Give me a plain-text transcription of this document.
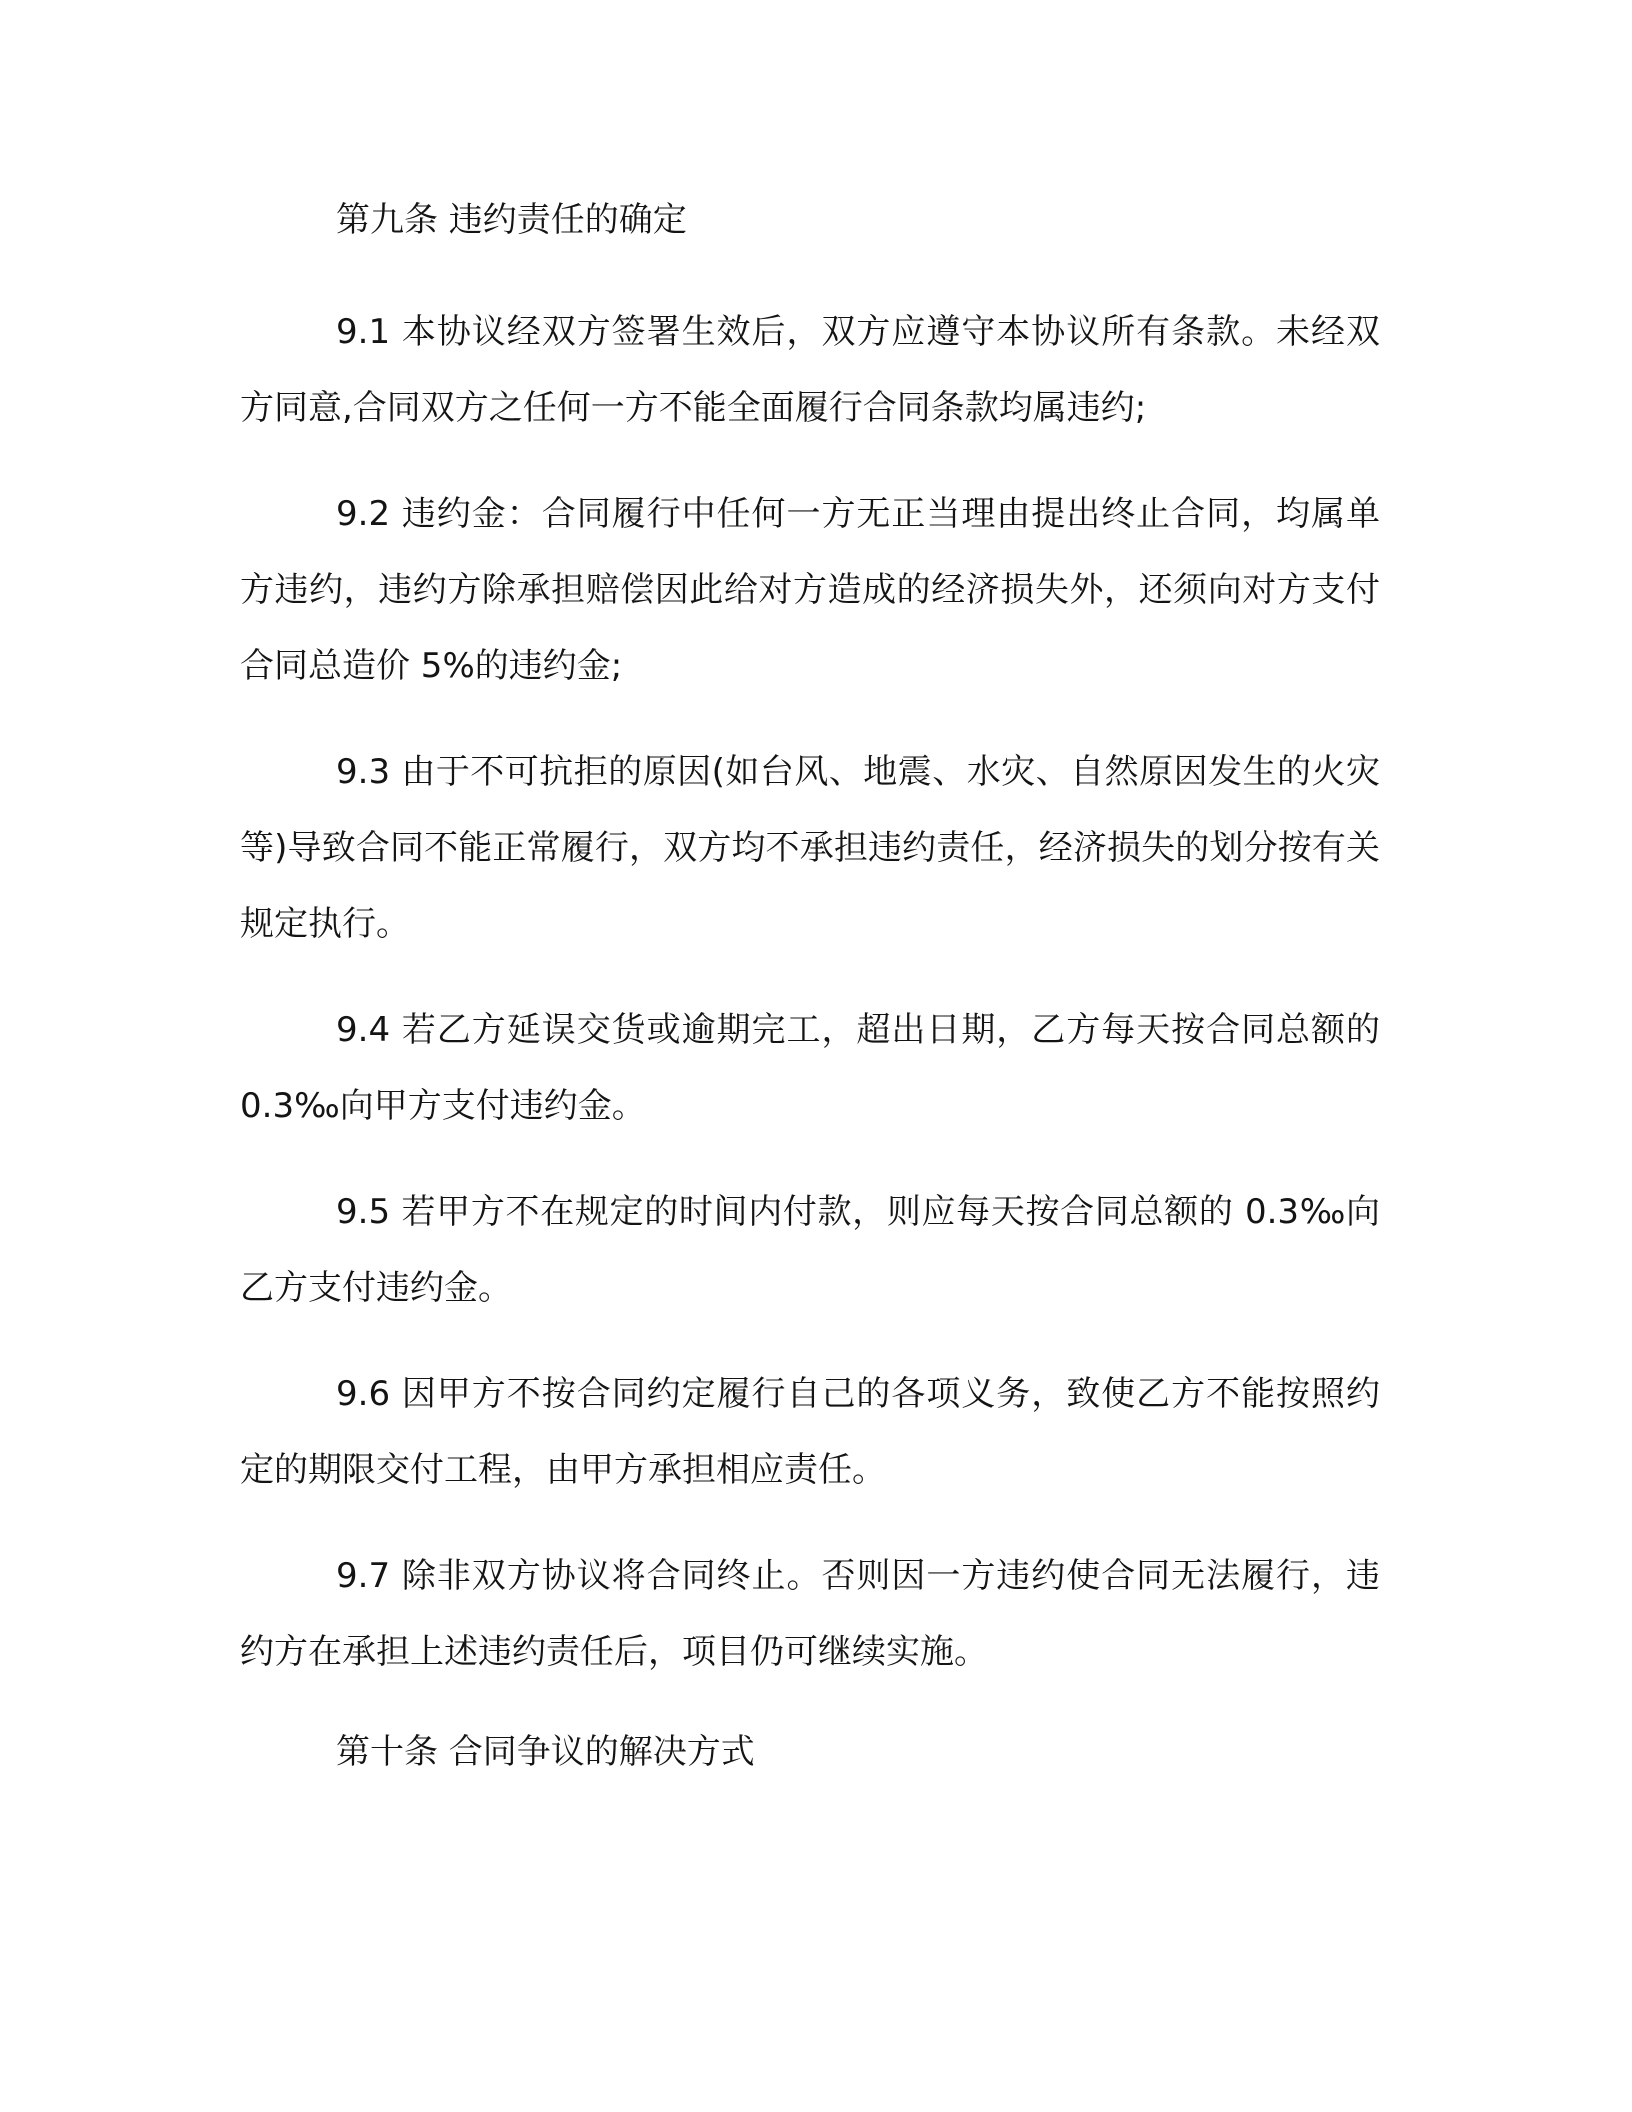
第九条 违约责任的确定

9.1 本协议经双方签署生效后，双方应遵守本协议所有条款。未经双方同意,合同双方之任何一方不能全面履行合同条款均属违约;

9.2 违约金：合同履行中任何一方无正当理由提出终止合同，均属单方违约，违约方除承担赔偿因此给对方造成的经济损失外，还须向对方支付合同总造价 5%的违约金;

9.3 由于不可抗拒的原因(如台风、地震、水灾、自然原因发生的火灾等)导致合同不能正常履行，双方均不承担违约责任，经济损失的划分按有关规定执行。

9.4 若乙方延误交货或逾期完工，超出日期，乙方每天按合同总额的 0.3‰向甲方支付违约金。

9.5 若甲方不在规定的时间内付款，则应每天按合同总额的 0.3‰向乙方支付违约金。

9.6 因甲方不按合同约定履行自己的各项义务，致使乙方不能按照约定的期限交付工程，由甲方承担相应责任。

9.7 除非双方协议将合同终止。否则因一方违约使合同无法履行，违约方在承担上述违约责任后，项目仍可继续实施。

第十条 合同争议的解决方式
